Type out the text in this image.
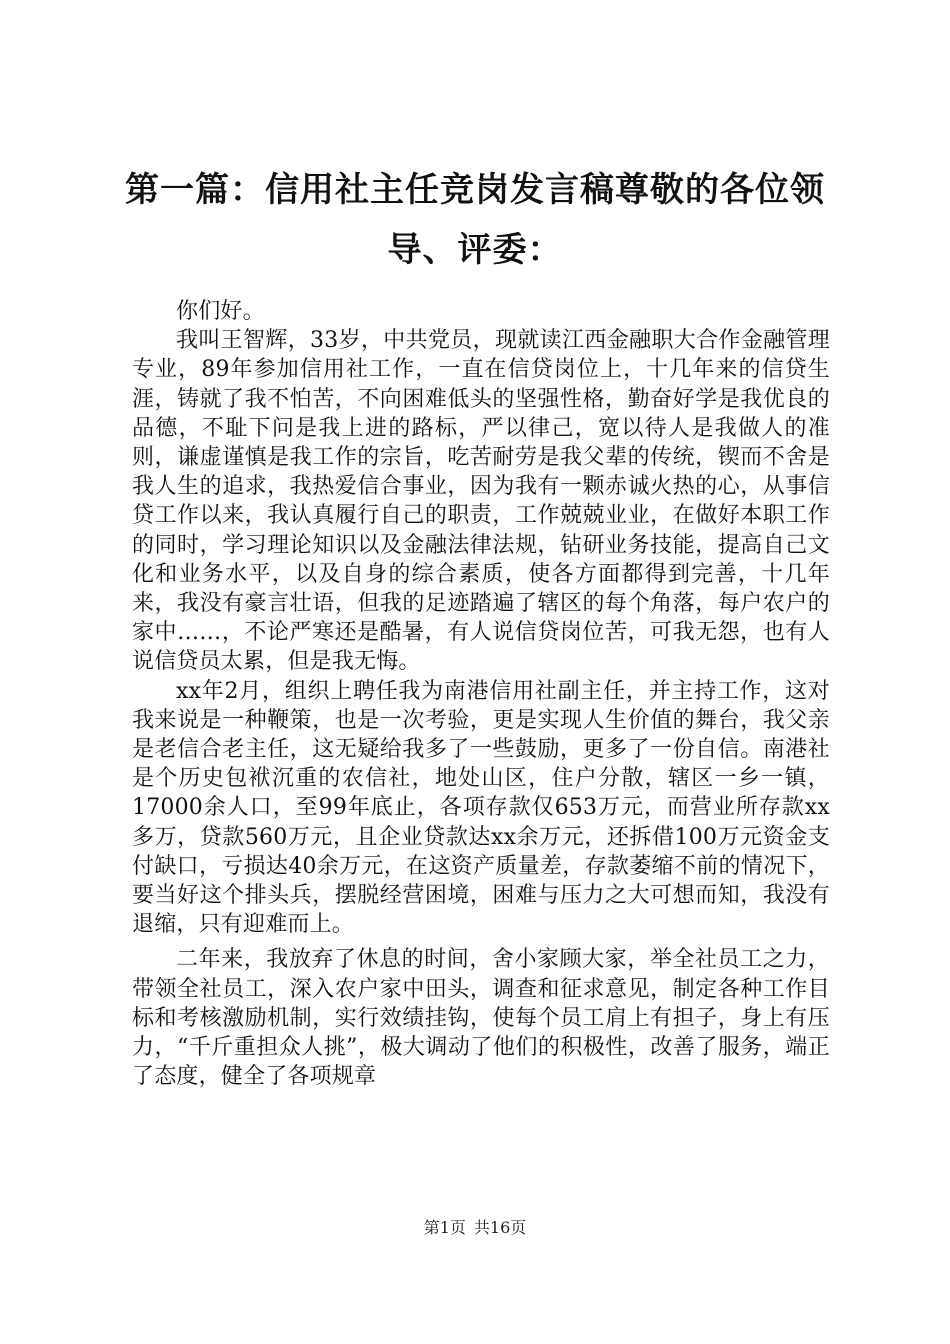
第一篇：信用社主任竞岗发言稿尊敬的各位领导、评委：

你们好。

我叫王智辉，33岁，中共党员，现就读江西金融职大合作金融管理专业，89年参加信用社工作，一直在信贷岗位上，十几年来的信贷生涯，铸就了我不怕苦，不向困难低头的坚强性格，勤奋好学是我优良的品德，不耻下问是我上进的路标，严以律己，宽以待人是我做人的准则，谦虚谨慎是我工作的宗旨，吃苦耐劳是我父辈的传统，锲而不舍是我人生的追求，我热爱信合事业，因为我有一颗赤诚火热的心，从事信贷工作以来，我认真履行自己的职责，工作兢兢业业，在做好本职工作的同时，学习理论知识以及金融法律法规，钻研业务技能，提高自己文化和业务水平，以及自身的综合素质，使各方面都得到完善，十几年来，我没有豪言壮语，但我的足迹踏遍了辖区的每个角落，每户农户的家中……，不论严寒还是酷暑，有人说信贷岗位苦，可我无怨，也有人说信贷员太累，但是我无悔。

xx年2月，组织上聘任我为南港信用社副主任，并主持工作，这对我来说是一种鞭策，也是一次考验，更是实现人生价值的舞台，我父亲是老信合老主任，这无疑给我多了一些鼓励，更多了一份自信。南港社是个历史包袱沉重的农信社，地处山区，住户分散，辖区一乡一镇，17000余人口，至99年底止，各项存款仅653万元，而营业所存款xx多万，贷款560万元，且企业贷款达xx余万元，还拆借100万元资金支付缺口，亏损达40余万元，在这资产质量差，存款萎缩不前的情况下，要当好这个排头兵，摆脱经营困境，困难与压力之大可想而知，我没有退缩，只有迎难而上。

二年来，我放弃了休息的时间，舍小家顾大家，举全社员工之力，带领全社员工，深入农户家中田头，调查和征求意见，制定各种工作目标和考核激励机制，实行效绩挂钩，使每个员工肩上有担子，身上有压力，“千斤重担众人挑”，极大调动了他们的积极性，改善了服务，端正了态度，健全了各项规章

第1页 共16页
